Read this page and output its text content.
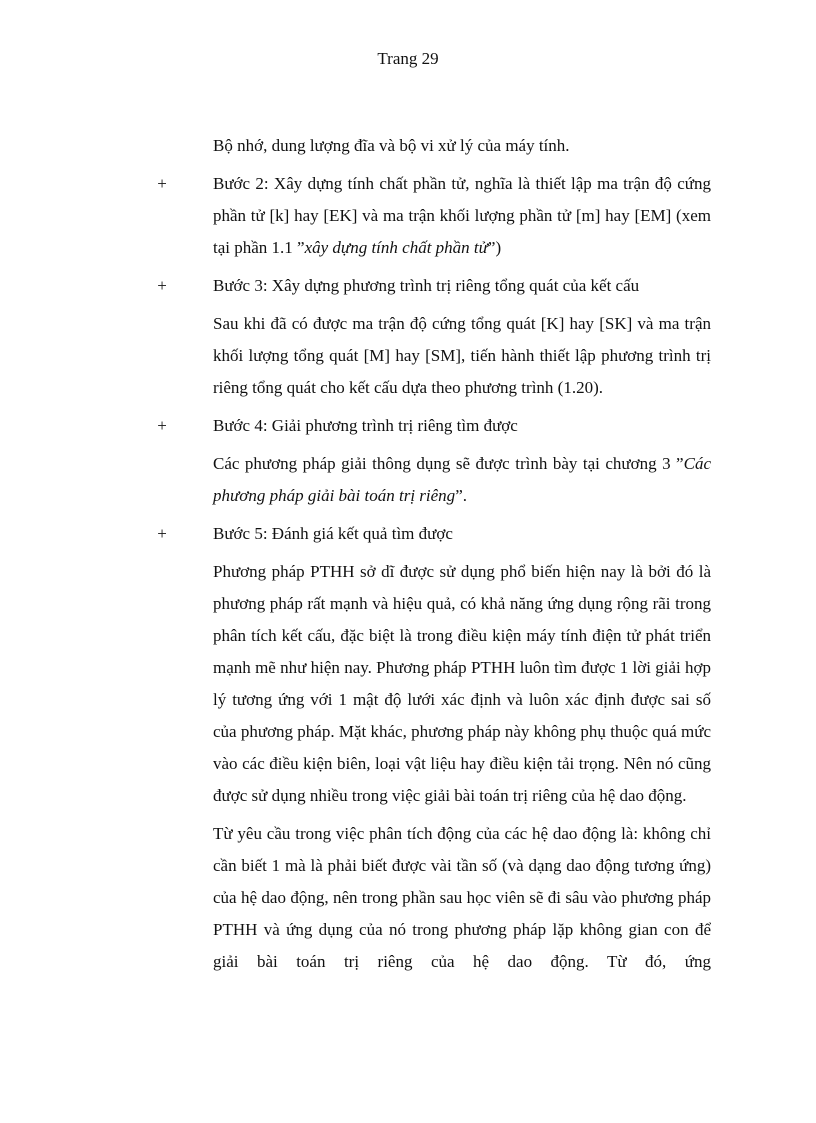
Trang 29
Bộ nhớ, dung lượng đĩa và bộ vi xử lý của máy tính.
+	Bước 2: Xây dựng tính chất phần tử, nghĩa là thiết lập ma trận độ cứng phần tử [k] hay [EK] và ma trận khối lượng phần tử [m] hay [EM] (xem tại phần 1.1 ”xây dựng tính chất phần tử”)
+	Bước 3: Xây dựng phương trình trị riêng tổng quát của kết cấu
Sau khi đã có được ma trận độ cứng tổng quát [K] hay [SK] và ma trận khối lượng tổng quát [M] hay [SM], tiến hành thiết lập phương trình trị riêng tổng quát cho kết cấu dựa theo phương trình (1.20).
+	Bước 4: Giải phương trình trị riêng tìm được
Các phương pháp giải thông dụng sẽ được trình bày tại chương 3 ”Các phương pháp giải bài toán trị riêng”.
+	Bước 5: Đánh giá kết quả tìm được
Phương pháp PTHH sở dĩ được sử dụng phổ biến hiện nay là bởi đó là phương pháp rất mạnh và hiệu quả, có khả năng ứng dụng rộng rãi trong phân tích kết cấu, đặc biệt là trong điều kiện máy tính điện tử phát triển mạnh mẽ như hiện nay. Phương pháp PTHH luôn tìm được 1 lời giải hợp lý tương ứng với 1 mật độ lưới xác định và luôn xác định được sai số của phương pháp. Mặt khác, phương pháp này không phụ thuộc quá mức vào các điều kiện biên, loại vật liệu hay điều kiện tải trọng. Nên nó cũng được sử dụng nhiều trong việc giải bài toán trị riêng của hệ dao động.
Từ yêu cầu trong việc phân tích động của các hệ dao động là: không chỉ cần biết 1 mà là phải biết được vài tần số (và dạng dao động tương ứng) của hệ dao động, nên trong phần sau học viên sẽ đi sâu vào phương pháp PTHH và ứng dụng của nó trong phương pháp lặp không gian con để giải bài toán trị riêng của hệ dao động. Từ đó, ứng
